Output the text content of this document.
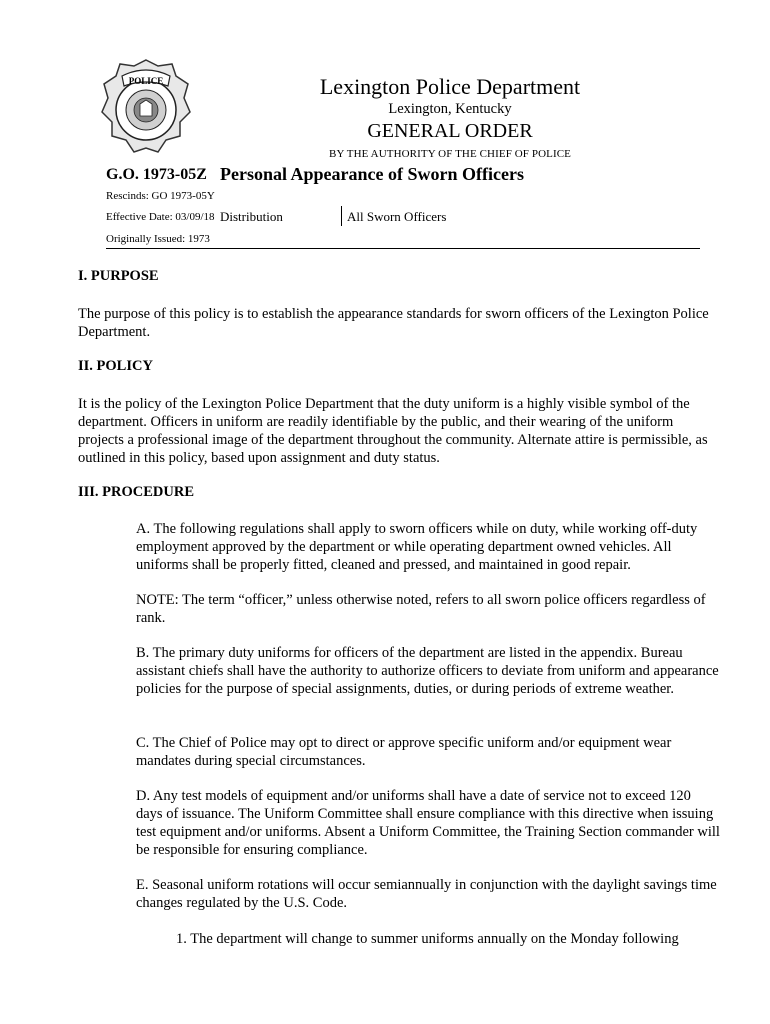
POLICE	Lexington Police Department
Lexington, Kentucky
GENERAL ORDER
BY THE AUTHORITY OF THE CHIEF OF POLICE
G.O. 1973-05Z Personal Appearance of Sworn Officers
Rescinds: GO 1973-05Y
Effective Date: 03/09/18
Originally Issued: 1973
Distribution	All Sworn Officers
I. PURPOSE
The purpose of this policy is to establish the appearance standards for sworn officers of the Lexington Police Department.
II. POLICY
It is the policy of the Lexington Police Department that the duty uniform is a highly visible symbol of the department. Officers in uniform are readily identifiable by the public, and their wearing of the uniform projects a professional image of the department throughout the community. Alternate attire is permissible, as outlined in this policy, based upon assignment and duty status.
III. PROCEDURE
A. The following regulations shall apply to sworn officers while on duty, while working off-duty employment approved by the department or while operating department owned vehicles. All uniforms shall be properly fitted, cleaned and pressed, and maintained in good repair.
NOTE: The term “officer,” unless otherwise noted, refers to all sworn police officers regardless of rank.
B. The primary duty uniforms for officers of the department are listed in the appendix. Bureau assistant chiefs shall have the authority to authorize officers to deviate from uniform and appearance policies for the purpose of special assignments, duties, or during periods of extreme weather.
C. The Chief of Police may opt to direct or approve specific uniform and/or equipment wear mandates during special circumstances.
D. Any test models of equipment and/or uniforms shall have a date of service not to exceed 120 days of issuance. The Uniform Committee shall ensure compliance with this directive when issuing test equipment and/or uniforms. Absent a Uniform Committee, the Training Section commander will be responsible for ensuring compliance.
E. Seasonal uniform rotations will occur semiannually in conjunction with the daylight savings time changes regulated by the U.S. Code.
1. The department will change to summer uniforms annually on the Monday following
